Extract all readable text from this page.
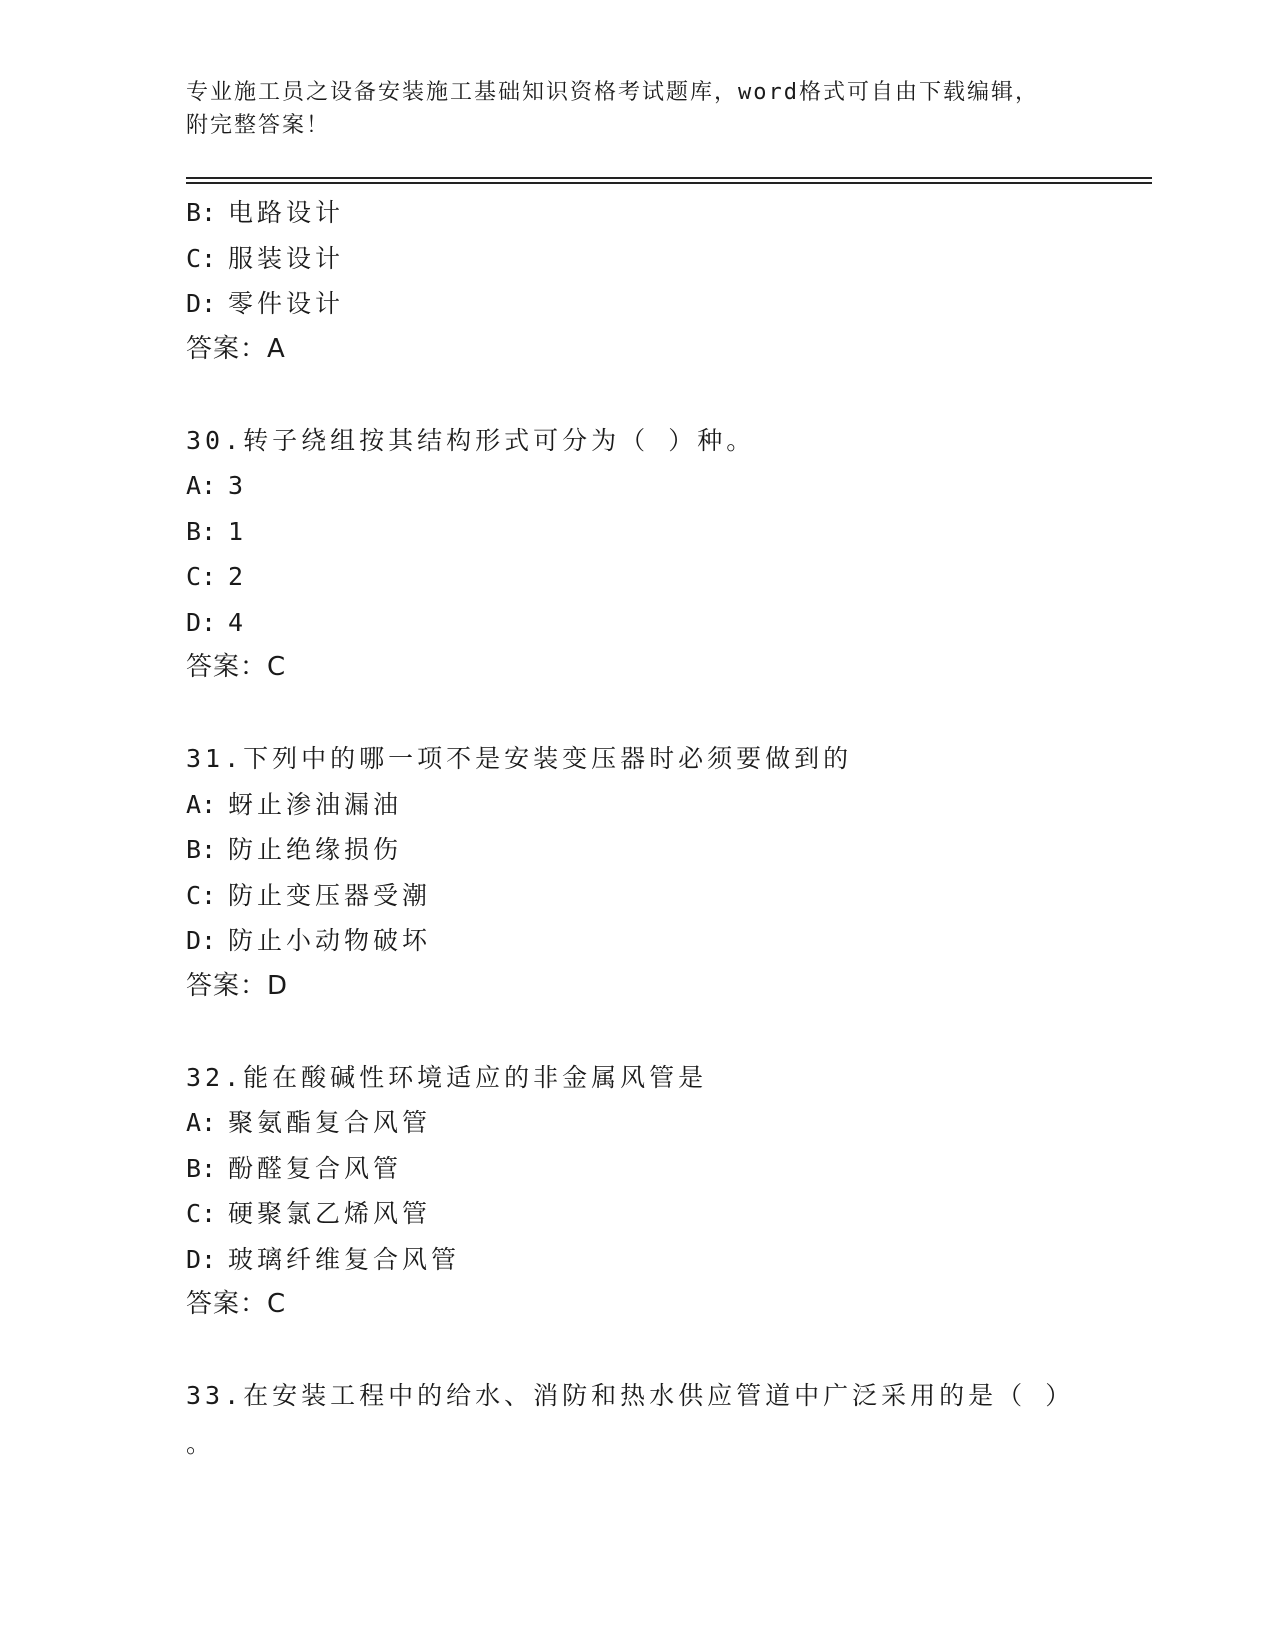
专业施工员之设备安装施工基础知识资格考试题库，word格式可自由下载编辑，
附完整答案！
B: 电路设计
C: 服装设计
D: 零件设计
答案：A
30.转子绕组按其结构形式可分为（ ）种。
A: 3
B: 1
C: 2
D: 4
答案：C
31.下列中的哪一项不是安装变压器时必须要做到的
A: 蚜止渗油漏油
B: 防止绝缘损伤
C: 防止变压器受潮
D: 防止小动物破坏
答案：D
32.能在酸碱性环境适应的非金属风管是
A: 聚氨酯复合风管
B: 酚醛复合风管
C: 硬聚氯乙烯风管
D: 玻璃纤维复合风管
答案：C
33.在安装工程中的给水、消防和热水供应管道中广泛采用的是（ ）
。
